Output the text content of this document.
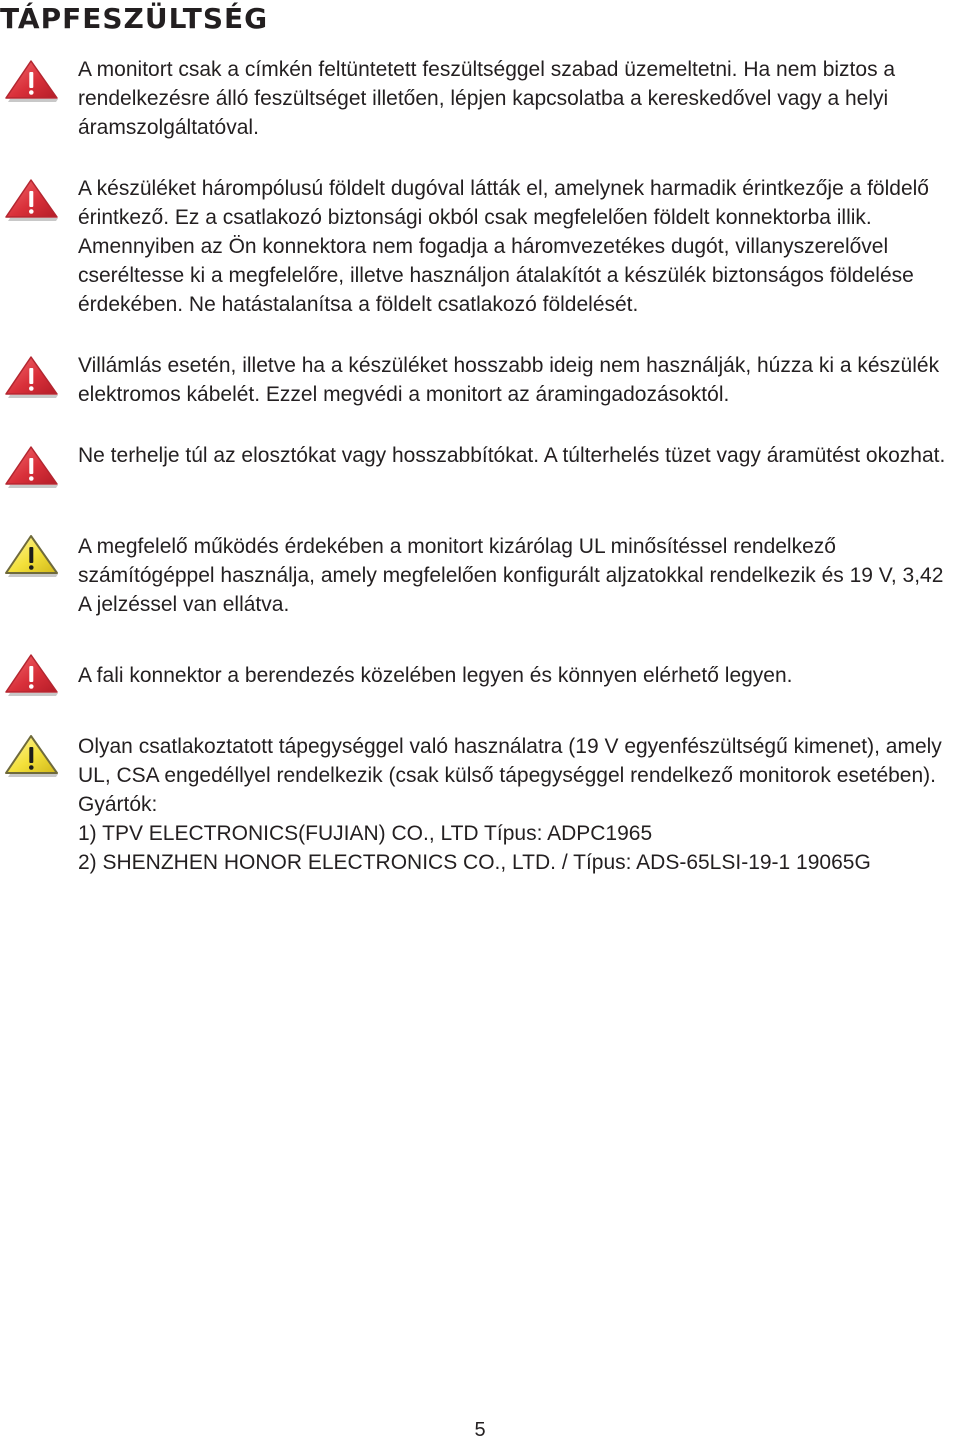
TÁPFESZÜLTSÉG

A monitort csak a címkén feltüntetett feszültséggel szabad üzemeltetni. Ha nem biztos a rendelkezésre álló feszültséget illetően, lépjen kapcsolatba a kereskedővel vagy a helyi áramszolgáltatóval.

A készüléket hárompólusú földelt dugóval látták el, amelynek harmadik érintkezője a földelő érintkező. Ez a csatlakozó biztonsági okból csak megfelelően földelt konnektorba illik. Amennyiben az Ön konnektora nem fogadja a háromvezetékes dugót, villanyszerelővel cseréltesse ki a megfelelőre, illetve használjon átalakítót a készülék biztonságos földelése érdekében. Ne hatástalanítsa a földelt csatlakozó földelését.

Villámlás esetén, illetve ha a készüléket hosszabb ideig nem használják, húzza ki a készülék elektromos kábelét. Ezzel megvédi a monitort az áramingadozásoktól.

Ne terhelje túl az elosztókat vagy hosszabbítókat. A túlterhelés tüzet vagy áramütést okozhat.

A megfelelő működés érdekében a monitort kizárólag UL minősítéssel rendelkező számítógéppel használja, amely megfelelően konfigurált aljzatokkal rendelkezik és 19 V, 3,42 A jelzéssel van ellátva.

A fali konnektor a berendezés közelében legyen és könnyen elérhető legyen.

Olyan csatlakoztatott tápegységgel való használatra (19 V egyenfészültségű kimenet), amely UL, CSA engedéllyel rendelkezik (csak külső tápegységgel rendelkező monitorok esetében).

Gyártók:

1) TPV ELECTRONICS(FUJIAN) CO., LTD Típus: ADPC1965

2) SHENZHEN HONOR ELECTRONICS CO., LTD. / Típus: ADS-65LSI-19-1 19065G

5
